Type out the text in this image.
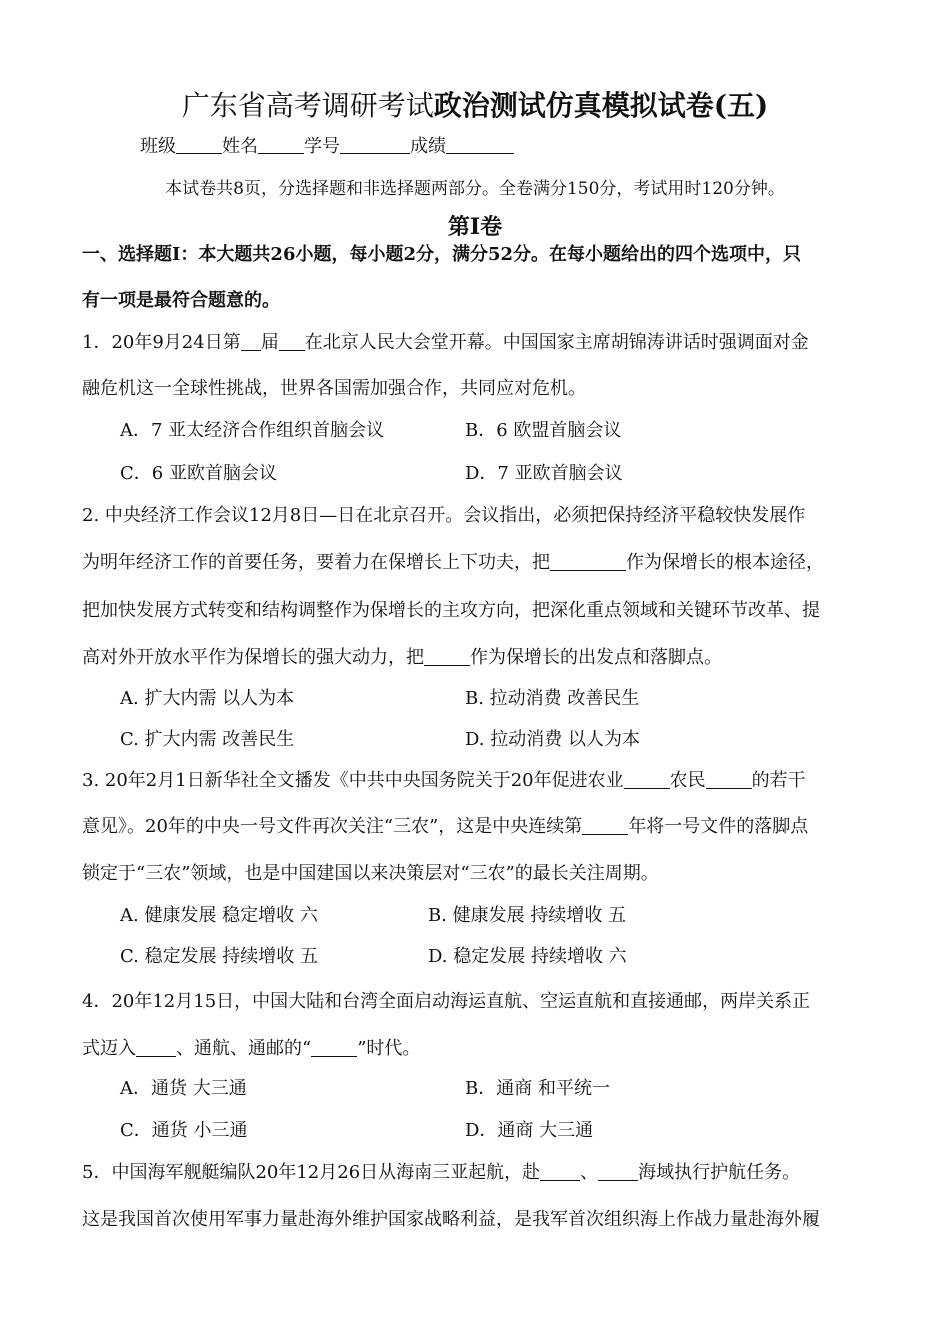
广东省高考调研考试政治测试仿真模拟试卷(五)
班级	姓名	学号	成绩
本试卷共8页，分选择题和非选择题两部分。全卷满分150分，考试用时120分钟。
第Ⅰ卷
一、选择题Ⅰ：本大题共26小题，每小题2分，满分52分。在每小题给出的四个选项中，只
有一项是最符合题意的。
1．20年9月24日第 届 在北京人民大会堂开幕。中国国家主席胡锦涛讲话时强调面对金
融危机这一全球性挑战，世界各国需加强合作，共同应对危机。
A．7 亚太经济合作组织首脑会议	B．6 欧盟首脑会议
C．6 亚欧首脑会议	D．7 亚欧首脑会议
2. 中央经济工作会议12月8日—日在北京召开。会议指出，必须把保持经济平稳较快发展作
为明年经济工作的首要任务，要着力在保增长上下功夫，把	作为保增长的根本途径，
把加快发展方式转变和结构调整作为保增长的主攻方向，把深化重点领域和关键环节改革、提
高对外开放水平作为保增长的强大动力，把	作为保增长的出发点和落脚点。
A. 扩大内需 以人为本	B. 拉动消费 改善民生
C. 扩大内需 改善民生	D. 拉动消费 以人为本
3. 20年2月1日新华社全文播发《中共中央国务院关于20年促进农业	农民	的若干
意见》。20年的中央一号文件再次关注“三农”，这是中央连续第	年将一号文件的落脚点
锁定于“三农”领域，也是中国建国以来决策层对“三农”的最长关注周期。
A. 健康发展 稳定增收 六	B. 健康发展 持续增收 五
C. 稳定发展 持续增收 五	D. 稳定发展 持续增收 六
4．20年12月15日，中国大陆和台湾全面启动海运直航、空运直航和直接通邮，两岸关系正
式迈入 、通航、通邮的“	”时代。
A．通货 大三通	B．通商 和平统一
C．通货 小三通	D．通商 大三通
5．中国海军舰艇编队20年12月26日从海南三亚起航，赴 、 海域执行护航任务。
这是我国首次使用军事力量赴海外维护国家战略利益，是我军首次组织海上作战力量赴海外履
